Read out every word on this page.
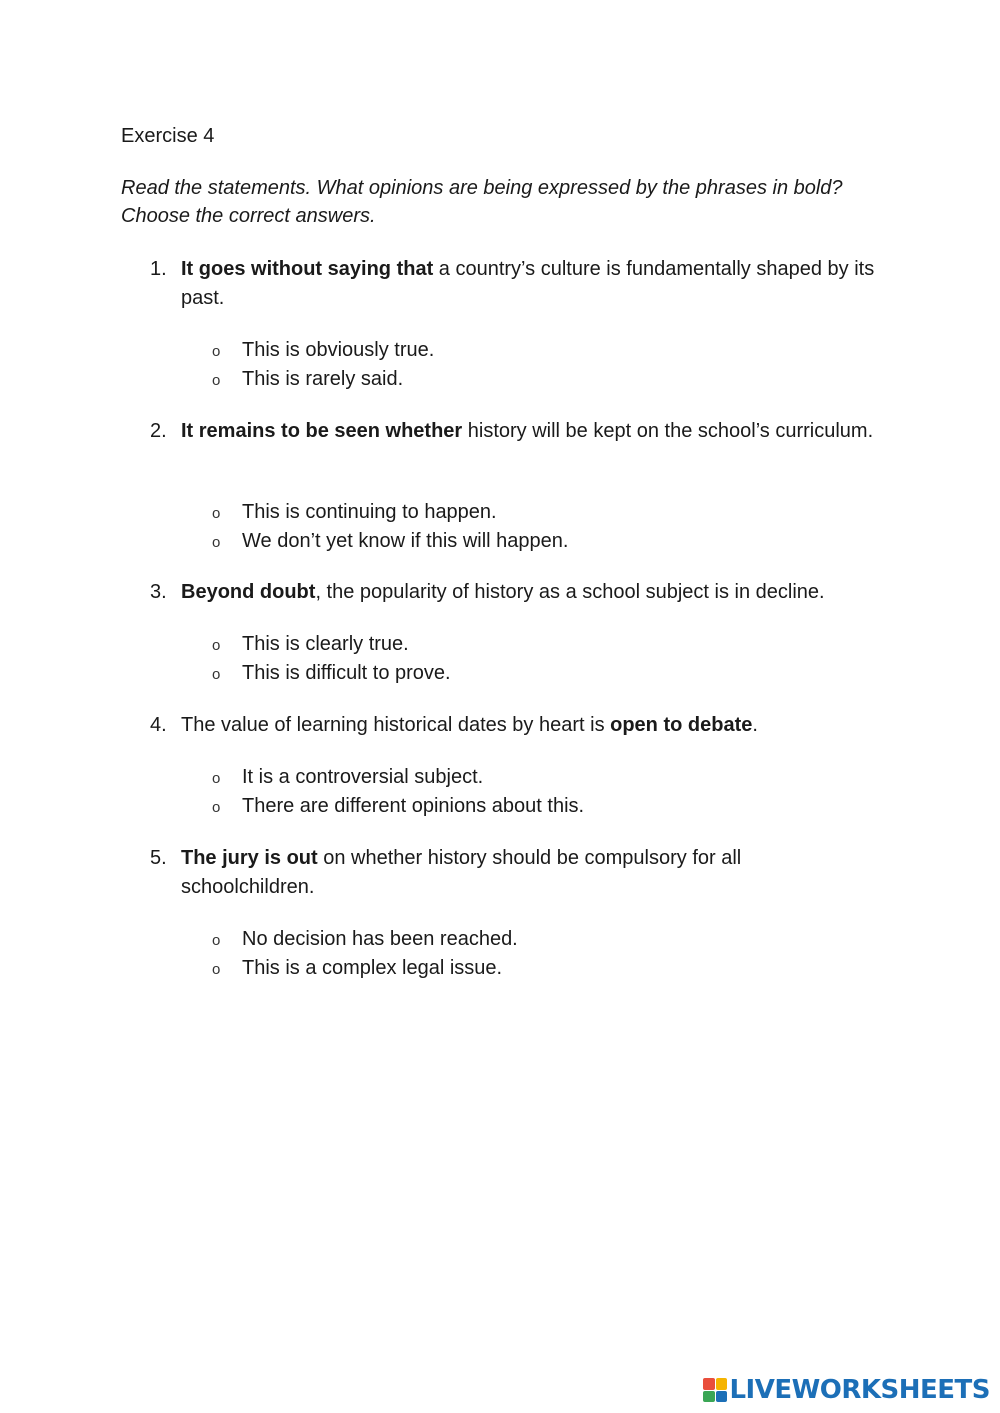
Exercise 4
Read the statements. What opinions are being expressed by the phrases in bold? Choose the correct answers.
1. It goes without saying that a country’s culture is fundamentally shaped by its past.
o This is obviously true.
o This is rarely said.
2. It remains to be seen whether history will be kept on the school’s curriculum.
o This is continuing to happen.
o We don’t yet know if this will happen.
3. Beyond doubt, the popularity of history as a school subject is in decline.
o This is clearly true.
o This is difficult to prove.
4. The value of learning historical dates by heart is open to debate.
o It is a controversial subject.
o There are different opinions about this.
5. The jury is out on whether history should be compulsory for all schoolchildren.
o No decision has been reached.
o This is a complex legal issue.
LIVEWORKSHEETS
